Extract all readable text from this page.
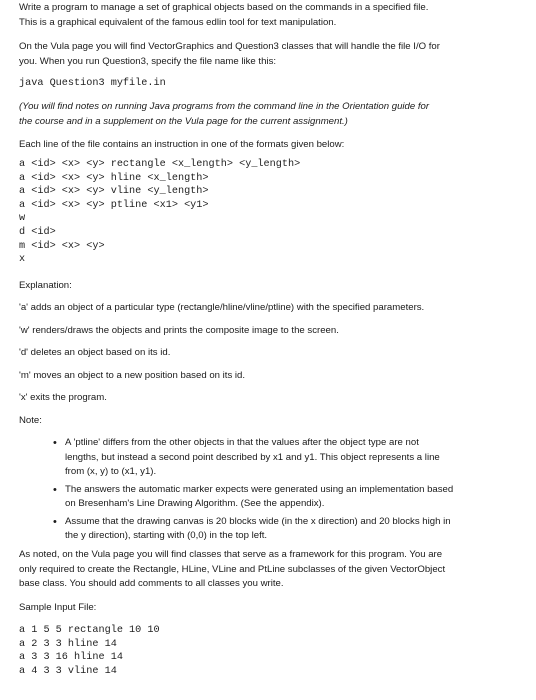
Write a program to manage a set of graphical objects based on the commands in a specified file.

This is a graphical equivalent of the famous edlin tool for text manipulation.

On the Vula page you will find VectorGraphics and Question3 classes that will handle the file I/O for

you. When you run Question3, specify the file name like this:

java Question3 myfile.in

(You will find notes on running Java programs from the command line in the Orientation guide for

the course and in a supplement on the Vula page for the current assignment.)

Each line of the file contains an instruction in one of the formats given below:

a <id> <x> <y> rectangle <x_length> <y_length>
a <id> <x> <y> hline <x_length>
a <id> <x> <y> vline <y_length>
a <id> <x> <y> ptline <x1> <y1>
w
d <id>
m <id> <x> <y>
x

Explanation:

'a' adds an object of a particular type (rectangle/hline/vline/ptline) with the specified parameters.

'w' renders/draws the objects and prints the composite image to the screen.

'd' deletes an object based on its id.

'm' moves an object to a new position based on its id.

'x' exits the program.

Note:

• A 'ptline' differs from the other objects in that the values after the object type are not
lengths, but instead a second point described by x1 and y1. This object represents a line
from (x, y) to (x1, y1).
• The answers the automatic marker expects were generated using an implementation based
on Bresenham's Line Drawing Algorithm. (See the appendix).
• Assume that the drawing canvas is 20 blocks wide (in the x direction) and 20 blocks high in
the y direction), starting with (0,0) in the top left.

As noted, on the Vula page you will find classes that serve as a framework for this program. You are

only required to create the Rectangle, HLine, VLine and PtLine subclasses of the given VectorObject

base class. You should add comments to all classes you write.

Sample Input File:

a 1 5 5 rectangle 10 10
a 2 3 3 hline 14
a 3 3 16 hline 14
a 4 3 3 vline 14
